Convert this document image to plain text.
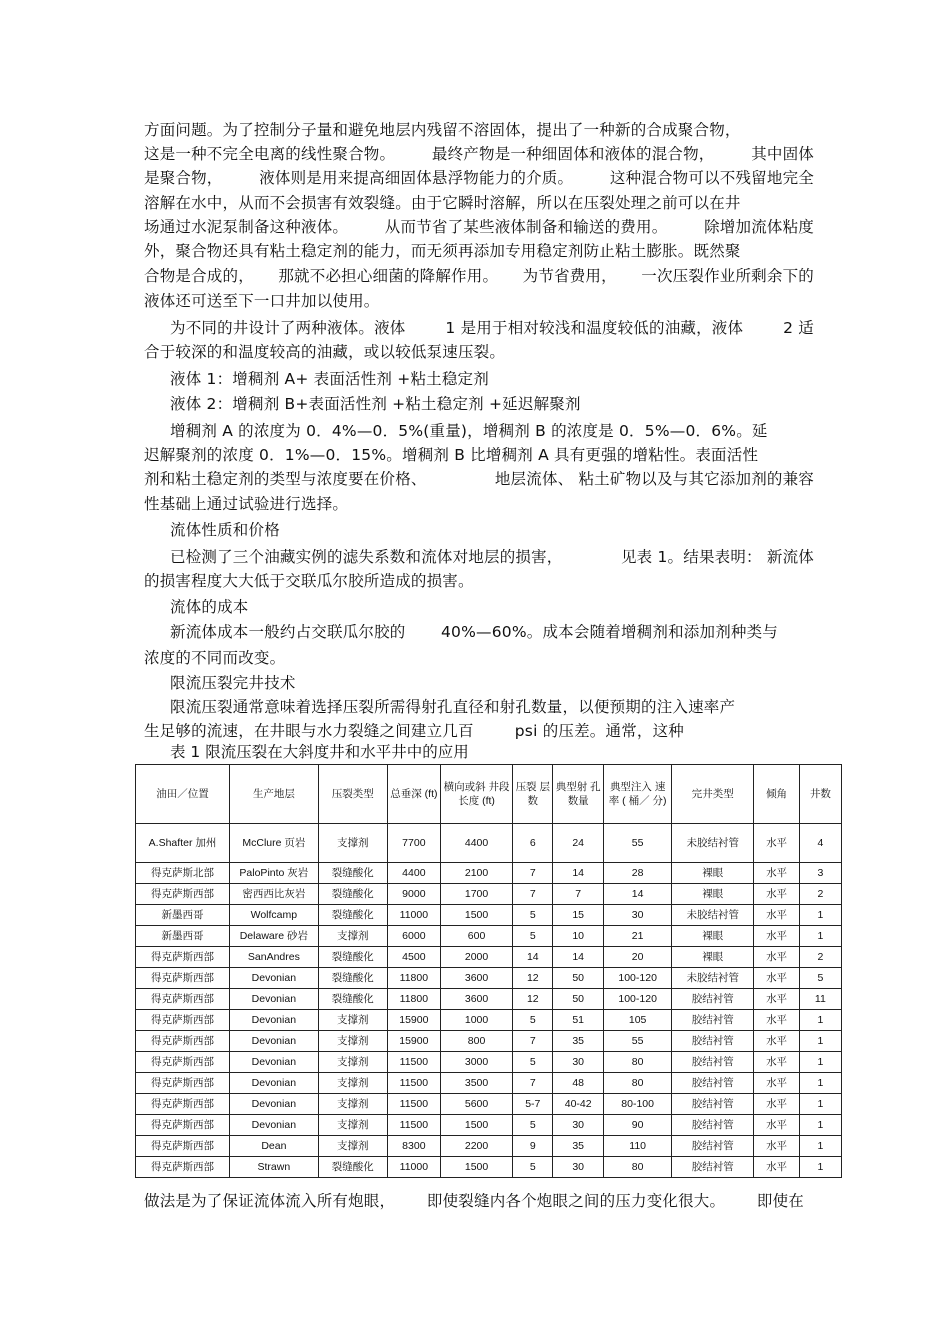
方面问题。为了控制分子量和避免地层内残留不溶固体，提出了一种新的合成聚合物，
这是一种不完全电离的线性聚合物。 最终产物是一种细固体和液体的混合物， 其中固体
是聚合物， 液体则是用来提高细固体悬浮物能力的介质。 这种混合物可以不残留地完全
溶解在水中，从而不会损害有效裂缝。由于它瞬时溶解，所以在压裂处理之前可以在井
场通过水泥泵制备这种液体。 从而节省了某些液体制备和输送的费用。 除增加流体粘度
外，聚合物还具有粘土稳定剂的能力，而无须再添加专用稳定剂防止粘土膨胀。既然聚
合物是合成的， 那就不必担心细菌的降解作用。 为节省费用， 一次压裂作业所剩余下的
液体还可送至下一口井加以使用。
为不同的井设计了两种液体。液体	1 是用于相对较浅和温度较低的油藏，液体	2 适
合于较深的和温度较高的油藏，或以较低泵速压裂。
液体 1：增稠剂 A+ 表面活性剂 +粘土稳定剂
液体 2：增稠剂 B+表面活性剂 +粘土稳定剂 +延迟解聚剂
增稠剂 A 的浓度为 0．4%—0．5%(重量)，增稠剂 B 的浓度是 0．5%—0．6%。延
迟解聚剂的浓度 0．1%—0．15%。增稠剂 B 比增稠剂 A 具有更强的增粘性。表面活性
剂和粘土稳定剂的类型与浓度要在价格、	地层流体、 粘土矿物以及与其它添加剂的兼容
性基础上通过试验进行选择。
流体性质和价格
已检测了三个油藏实例的滤失系数和流体对地层的损害，	见表 1。结果表明： 新流体
的损害程度大大低于交联瓜尔胶所造成的损害。
流体的成本
新流体成本一般约占交联瓜尔胶的 40%—60%。成本会随着增稠剂和添加剂种类与
浓度的不同而改变。
限流压裂完井技术
限流压裂通常意味着选择压裂所需得射孔直径和射孔数量，以便预期的注入速率产
生足够的流速，在井眼与水力裂缝之间建立几百	psi 的压差。通常，这种
表 1 限流压裂在大斜度井和水平井中的应用
油田／位置	生产地层	压裂类型	总垂深 (ft)	横向或斜 井段长度 (ft)	压裂 层数	典型射 孔数量	典型注入 速率 ( 桶／ 分)	完井类型	倾角	井数
A.Shafter 加州	McClure 页岩	支撑剂	7700	4400	6	24	55	未胶结衬管	水平	4
得克萨斯北部	PaloPinto 灰岩	裂缝酸化	4400	2100	7	14	28	裸眼	水平	3
得克萨斯西部	密西西比灰岩	裂缝酸化	9000	1700	7	7	14	裸眼	水平	2
新墨西哥	Wolfcamp	裂缝酸化	11000	1500	5	15	30	未胶结衬管	水平	1
新墨西哥	Delaware 砂岩	支撑剂	6000	600	5	10	21	裸眼	水平	1
得克萨斯西部	SanAndres	裂缝酸化	4500	2000	14	14	20	裸眼	水平	2
得克萨斯西部	Devonian	裂缝酸化	11800	3600	12	50	100-120	未胶结衬管	水平	5
得克萨斯西部	Devonian	裂缝酸化	11800	3600	12	50	100-120	胶结衬管	水平	11
得克萨斯西部	Devonian	支撑剂	15900	1000	5	51	105	胶结衬管	水平	1
得克萨斯西部	Devonian	支撑剂	15900	800	7	35	55	胶结衬管	水平	1
得克萨斯西部	Devonian	支撑剂	11500	3000	5	30	80	胶结衬管	水平	1
得克萨斯西部	Devonian	支撑剂	11500	3500	7	48	80	胶结衬管	水平	1
得克萨斯西部	Devonian	支撑剂	11500	5600	5-7	40-42	80-100	胶结衬管	水平	1
得克萨斯西部	Devonian	支撑剂	11500	1500	5	30	90	胶结衬管	水平	1
得克萨斯西部	Dean	支撑剂	8300	2200	9	35	110	胶结衬管	水平	1
得克萨斯西部	Strawn	裂缝酸化	11000	1500	5	30	80	胶结衬管	水平	1
做法是为了保证流体流入所有炮眼， 即使裂缝内各个炮眼之间的压力变化很大。 即使在
